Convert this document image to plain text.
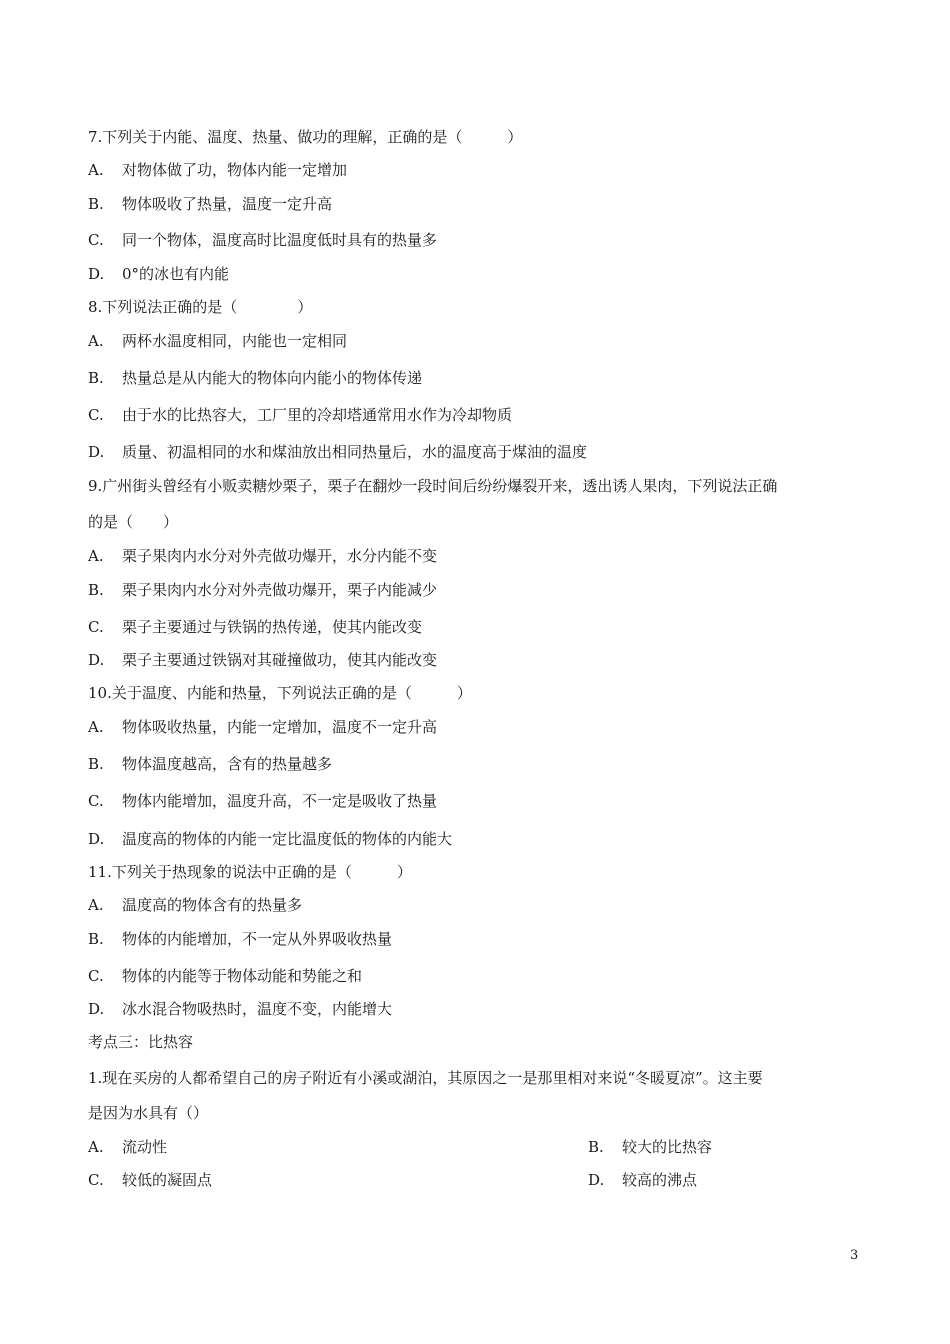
7.下列关于内能、温度、热量、做功的理解，正确的是（　　　）
A. 对物体做了功，物体内能一定增加
B. 物体吸收了热量，温度一定升高
C. 同一个物体，温度高时比温度低时具有的热量多
D. 0°的冰也有内能
8.下列说法正确的是（　　　　）
A. 两杯水温度相同，内能也一定相同
B. 热量总是从内能大的物体向内能小的物体传递
C. 由于水的比热容大，工厂里的冷却塔通常用水作为冷却物质
D. 质量、初温相同的水和煤油放出相同热量后，水的温度高于煤油的温度
9.广州街头曾经有小贩卖糖炒栗子，栗子在翻炒一段时间后纷纷爆裂开来，透出诱人果肉，下列说法正确
的是（　　）
A. 栗子果肉内水分对外壳做功爆开，水分内能不变
B. 栗子果肉内水分对外壳做功爆开，栗子内能减少
C. 栗子主要通过与铁锅的热传递，使其内能改变
D. 栗子主要通过铁锅对其碰撞做功，使其内能改变
10.关于温度、内能和热量，下列说法正确的是（　　　）
A. 物体吸收热量，内能一定增加，温度不一定升高
B. 物体温度越高，含有的热量越多
C. 物体内能增加，温度升高，不一定是吸收了热量
D. 温度高的物体的内能一定比温度低的物体的内能大
11.下列关于热现象的说法中正确的是（　　　）
A. 温度高的物体含有的热量多
B. 物体的内能增加，不一定从外界吸收热量
C. 物体的内能等于物体动能和势能之和
D. 冰水混合物吸热时，温度不变，内能增大
考点三：比热容
1.现在买房的人都希望自己的房子附近有小溪或湖泊，其原因之一是那里相对来说“冬暖夏凉”。这主要
是因为水具有（）
A. 流动性	B. 较大的比热容
C. 较低的凝固点	D. 较高的沸点
3
